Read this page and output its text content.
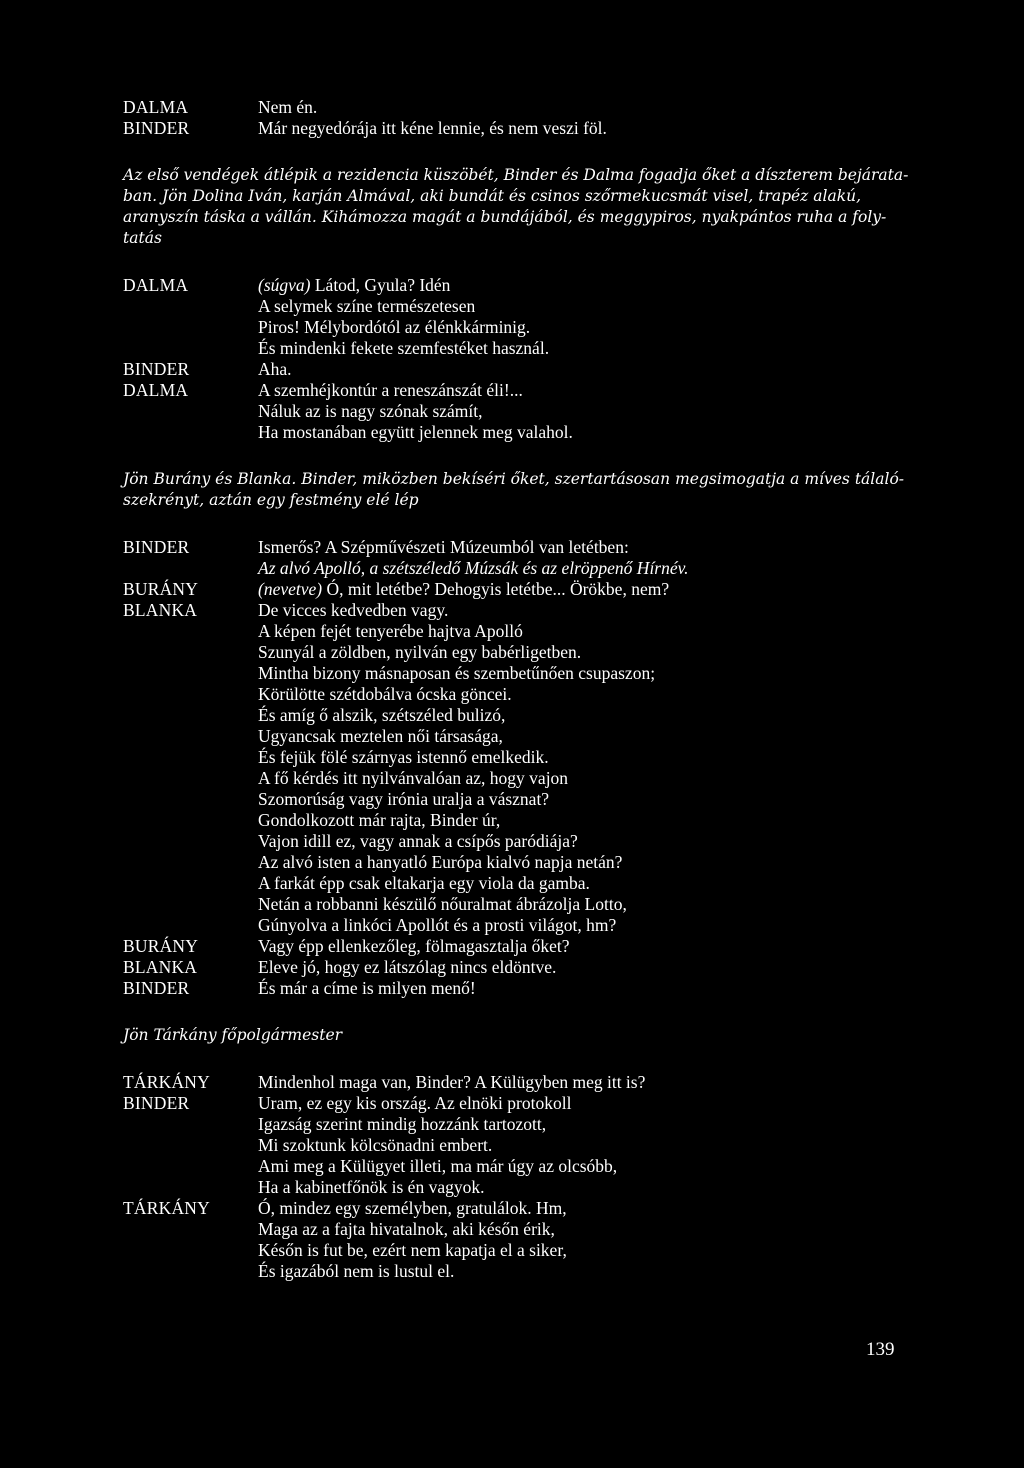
DALMA	Nem én.
BINDER	Már negyedórája itt kéne lennie, és nem veszi föl.
Az első vendégek átlépik a rezidencia küszöbét, Binder és Dalma fogadja őket a díszterem bejárata-
ban. Jön Dolina Iván, karján Almával, aki bundát és csinos szőrmekucsmát visel, trapéz alakú,
aranyszín táska a vállán. Kihámozza magát a bundájából, és meggypiros, nyakpántos ruha a foly-
tatás
DALMA	(súgva) Látod, Gyula? Idén
A selymek színe természetesen
Piros! Mélybordótól az élénkkárminig.
És mindenki fekete szemfestéket használ.
BINDER	Aha.
DALMA	A szemhéjkontúr a reneszánszát éli!...
Náluk az is nagy szónak számít,
Ha mostanában együtt jelennek meg valahol.
Jön Burány és Blanka. Binder, miközben bekíséri őket, szertartásosan megsimogatja a míves tálaló-
szekrényt, aztán egy festmény elé lép
BINDER	Ismerős? A Szépművészeti Múzeumból van letétben:
Az alvó Apolló, a szétszéledő Múzsák és az elröppenő Hírnév.
BURÁNY	(nevetve) Ó, mit letétbe? Dehogyis letétbe... Örökbe, nem?
BLANKA	De vicces kedvedben vagy.
A képen fejét tenyerébe hajtva Apolló
Szunyál a zöldben, nyilván egy babérligetben.
Mintha bizony másnaposan és szembetűnően csupaszon;
Körülötte szétdobálva ócska göncei.
És amíg ő alszik, szétszéled bulizó,
Ugyancsak meztelen női társasága,
És fejük fölé szárnyas istennő emelkedik.
A fő kérdés itt nyilvánvalóan az, hogy vajon
Szomorúság vagy irónia uralja a vásznat?
Gondolkozott már rajta, Binder úr,
Vajon idill ez, vagy annak a csípős paródiája?
Az alvó isten a hanyatló Európa kialvó napja netán?
A farkát épp csak eltakarja egy viola da gamba.
Netán a robbanni készülő nőuralmat ábrázolja Lotto,
Gúnyolva a linkóci Apollót és a prosti világot, hm?
BURÁNY	Vagy épp ellenkezőleg, fölmagasztalja őket?
BLANKA	Eleve jó, hogy ez látszólag nincs eldöntve.
BINDER	És már a címe is milyen menő!
Jön Tárkány főpolgármester
TÁRKÁNY	Mindenhol maga van, Binder? A Külügyben meg itt is?
BINDER	Uram, ez egy kis ország. Az elnöki protokoll
Igazság szerint mindig hozzánk tartozott,
Mi szoktunk kölcsönadni embert.
Ami meg a Külügyet illeti, ma már úgy az olcsóbb,
Ha a kabinetfőnök is én vagyok.
TÁRKÁNY	Ó, mindez egy személyben, gratulálok. Hm,
Maga az a fajta hivatalnok, aki későn érik,
Későn is fut be, ezért nem kapatja el a siker,
És igazából nem is lustul el.
139
